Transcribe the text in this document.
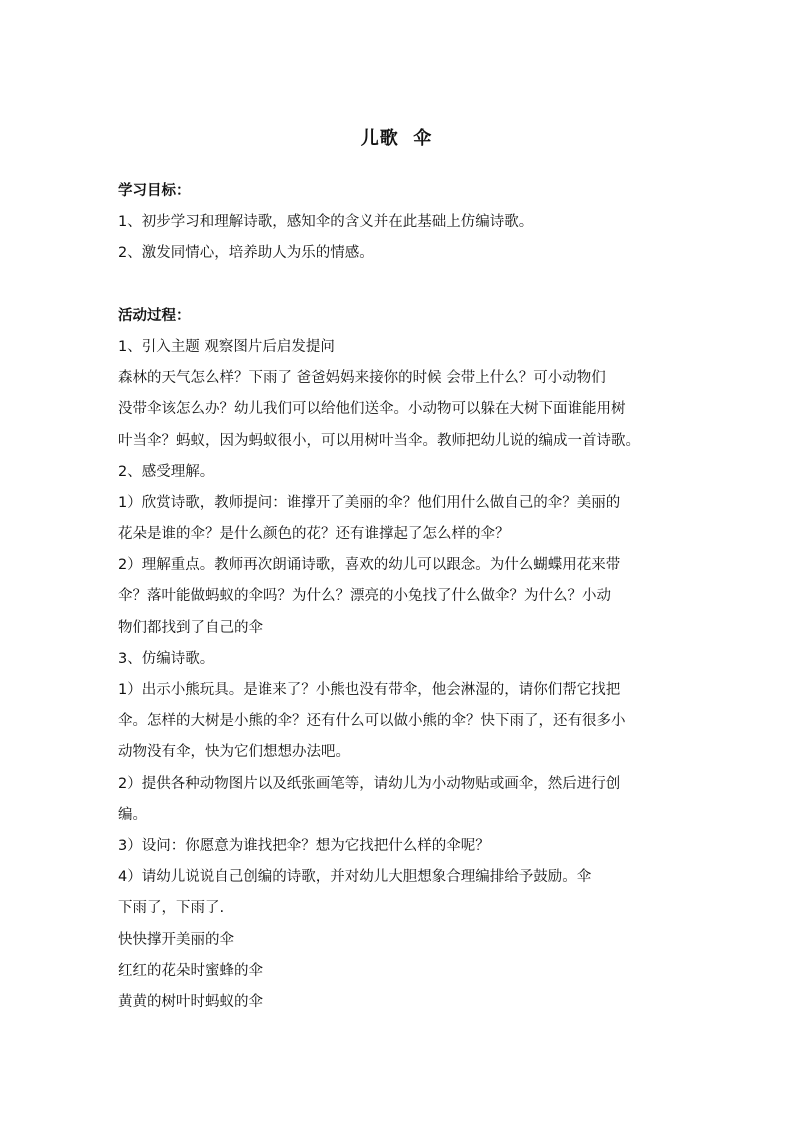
儿歌  伞
学习目标：
1、初步学习和理解诗歌，感知伞的含义并在此基础上仿编诗歌。
2、激发同情心，培养助人为乐的情感。
活动过程：
1、引入主题 观察图片后启发提问
森林的天气怎么样？下雨了 爸爸妈妈来接你的时候 会带上什么？可小动物们
没带伞该怎么办？幼儿我们可以给他们送伞。小动物可以躲在大树下面谁能用树
叶当伞？蚂蚁，因为蚂蚁很小，可以用树叶当伞。教师把幼儿说的编成一首诗歌。
2、感受理解。
1）欣赏诗歌，教师提问：谁撑开了美丽的伞？他们用什么做自己的伞？美丽的
花朵是谁的伞？是什么颜色的花？还有谁撑起了怎么样的伞？
2）理解重点。教师再次朗诵诗歌，喜欢的幼儿可以跟念。为什么蝴蝶用花来带
伞？落叶能做蚂蚁的伞吗？为什么？漂亮的小兔找了什么做伞？为什么？小动
物们都找到了自己的伞
3、仿编诗歌。
1）出示小熊玩具。是谁来了？小熊也没有带伞，他会淋湿的，请你们帮它找把
伞。怎样的大树是小熊的伞？还有什么可以做小熊的伞？快下雨了，还有很多小
动物没有伞，快为它们想想办法吧。
2）提供各种动物图片以及纸张画笔等，请幼儿为小动物贴或画伞，然后进行创
编。
3）设问：你愿意为谁找把伞？想为它找把什么样的伞呢？
4）请幼儿说说自己创编的诗歌，并对幼儿大胆想象合理编排给予鼓励。伞
下雨了，下雨了.
快快撑开美丽的伞
红红的花朵时蜜蜂的伞
黄黄的树叶时蚂蚁的伞
